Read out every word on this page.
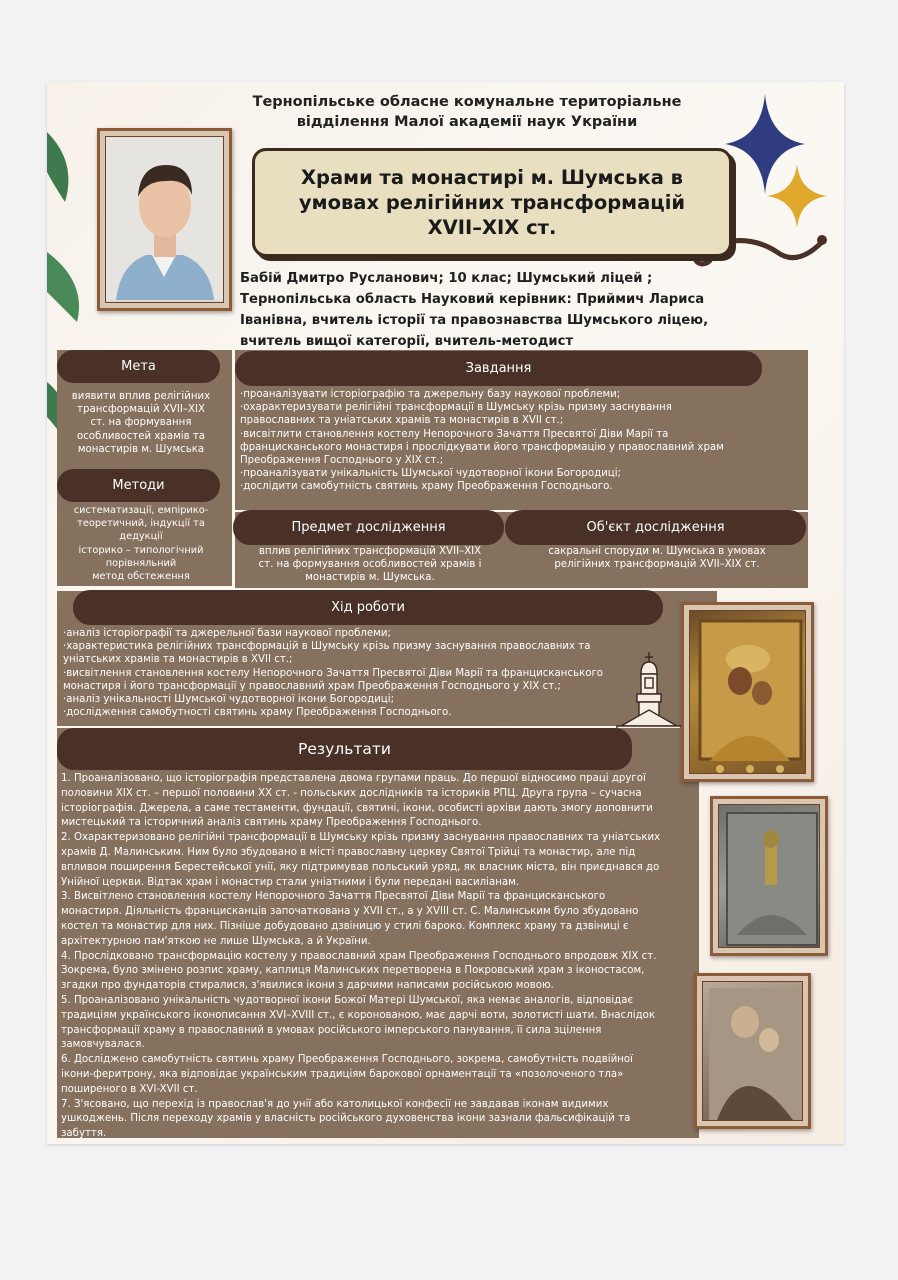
Тернопільське обласне комунальне територіальне
відділення Малої академії наук України
Храми та монастирі м. Шумська в
умовах релігійних трансформацій
XVII–XIX ст.
Бабій Дмитро Русланович; 10 клас; Шумський ліцей ;
Тернопільська область Науковий керівник: Приймич Лариса
Іванівна, вчитель історії та правознавства Шумського ліцею,
вчитель вищої категорії, вчитель-методист
Мета
виявити вплив релігійних
трансформацій XVII–XIX
ст. на формування
особливостей храмів та
монастирів м. Шумська
Методи
систематизації, емпірико-
теоретичний, індукції та
дедукції
історико – типологічний
порівняльний
метод обстеження
Завдання
·проаналізувати історіографію та джерельну базу наукової проблеми;
·охарактеризувати релігійні трансформації в Шумську крізь призму заснування
православних та уніатських храмів та монастирів в XVII ст.;
·висвітлити становлення костелу Непорочного Зачаття Пресвятої Діви Марії та
францисканського монастиря і прослідкувати його трансформацію у православний храм
Преображення Господнього у XIX ст.;
·проаналізувати унікальність Шумської чудотворної ікони Богородиці;
·дослідити самобутність святинь храму Преображення Господнього.
Предмет дослідження	Об'єкт дослідження
вплив релігійних трансформацій XVII–XIX
ст. на формування особливостей храмів і
монастирів м. Шумська.
сакральні споруди м. Шумська в умовах
релігійних трансформацій XVII–XIX ст.
Хід роботи
·аналіз історіографії та джерельної бази наукової проблеми;
·характеристика релігійних трансформацій в Шумську крізь призму заснування православних та
уніатських храмів та монастирів в XVII ст.;
·висвітлення становлення костелу Непорочного Зачаття Пресвятої Діви Марії та францисканського
монастиря і його трансформації у православний храм Преображення Господнього у XIX ст.;
·аналіз унікальності Шумської чудотворної ікони Богородиці;
·дослідження самобутності святинь храму Преображення Господнього.
Результати
1. Проаналізовано, що історіографія представлена двома групами праць. До першої відносимо праці другої
половини XIX ст. – першої половини XX ст. - польських дослідників та істориків РПЦ. Друга група – сучасна
історіографія. Джерела, а саме тестаменти, фундації, святині, ікони, особисті архіви дають змогу доповнити
мистецький та історичний аналіз святинь храму Преображення Господнього.
2. Охарактеризовано релігійні трансформації в Шумську крізь призму заснування православних та уніатських
храмів Д. Малинським. Ним було збудовано в місті православну церкву Святої Трійці та монастир, але під
впливом поширення Берестейської унії, яку підтримував польський уряд, як власник міста, він приєднався до
Унійної церкви. Відтак храм і монастир стали уніатними і були передані василіанам.
3. Висвітлено становлення костелу Непорочного Зачаття Пресвятої Діви Марії та францисканського
монастиря. Діяльність францисканців започаткована у XVII ст., а у XVIII ст. С. Малинським було збудовано
костел та монастир для них. Пізніше добудовано дзвіницю у стилі бароко. Комплекс храму та дзвіниці є
архітектурною пам'яткою не лише Шумська, а й України.
4. Прослідковано трансформацію костелу у православний храм Преображення Господнього впродовж XIX ст.
Зокрема, було змінено розпис храму, каплиця Малинських перетворена в Покровський храм з іконостасом,
згадки про фундаторів стиралися, з'явилися ікони з дарчими написами російською мовою.
5. Проаналізовано унікальність чудотворної ікони Божої Матері Шумської, яка немає аналогів, відповідає
традиціям українського іконописання XVI–XVIII ст., є коронованою, має дарчі воти, золотисті шати. Внаслідок
трансформації храму в православний в умовах російського імперського панування, її сила зцілення
замовчувалася.
6. Досліджено самобутність святинь храму Преображення Господнього, зокрема, самобутність подвійної
ікони-феритрону, яка відповідає українським традиціям барокової орнаментації та «позолоченого тла»
поширеного в XVI-XVII ст.
7. З'ясовано, що перехід із православ'я до унії або католицької конфесії не завдавав іконам видимих
ушкоджень. Після переходу храмів у власність російського духовенства ікони зазнали фальсифікацій та
забуття.
